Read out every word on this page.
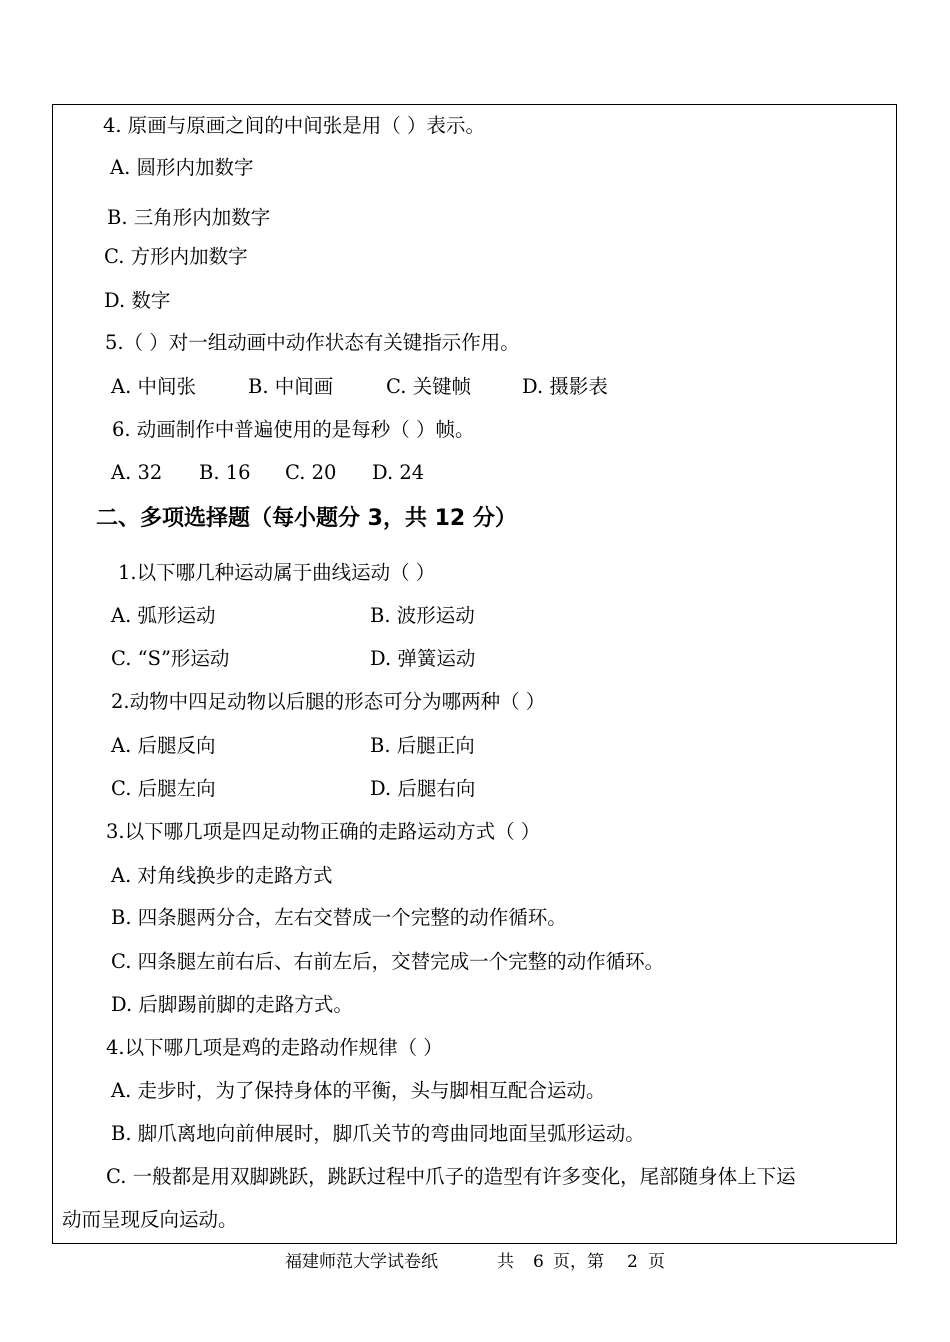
4. 原画与原画之间的中间张是用（ ）表示。
A. 圆形内加数字
B. 三角形内加数字
C. 方形内加数字
D. 数字
5.（ ）对一组动画中动作状态有关键指示作用。
A. 中间张	B. 中间画	C. 关键帧	D. 摄影表
6. 动画制作中普遍使用的是每秒（ ）帧。
A. 32 B. 16 C. 20 D. 24
二、多项选择题（每小题分 3，共 12 分）
1.以下哪几种运动属于曲线运动（ ）
A. 弧形运动	B. 波形运动
C. “S”形运动	D. 弹簧运动
2.动物中四足动物以后腿的形态可分为哪两种（ ）
A. 后腿反向	B. 后腿正向
C. 后腿左向	D. 后腿右向
3.以下哪几项是四足动物正确的走路运动方式（ ）
A. 对角线换步的走路方式
B. 四条腿两分合，左右交替成一个完整的动作循环。
C. 四条腿左前右后、右前左后，交替完成一个完整的动作循环。
D. 后脚踢前脚的走路方式。
4.以下哪几项是鸡的走路动作规律（ ）
A. 走步时，为了保持身体的平衡，头与脚相互配合运动。
B. 脚爪离地向前伸展时，脚爪关节的弯曲同地面呈弧形运动。
C. 一般都是用双脚跳跃，跳跃过程中爪子的造型有许多变化，尾部随身体上下运
动而呈现反向运动。
福建师范大学试卷纸	共 6 页，第 2 页
